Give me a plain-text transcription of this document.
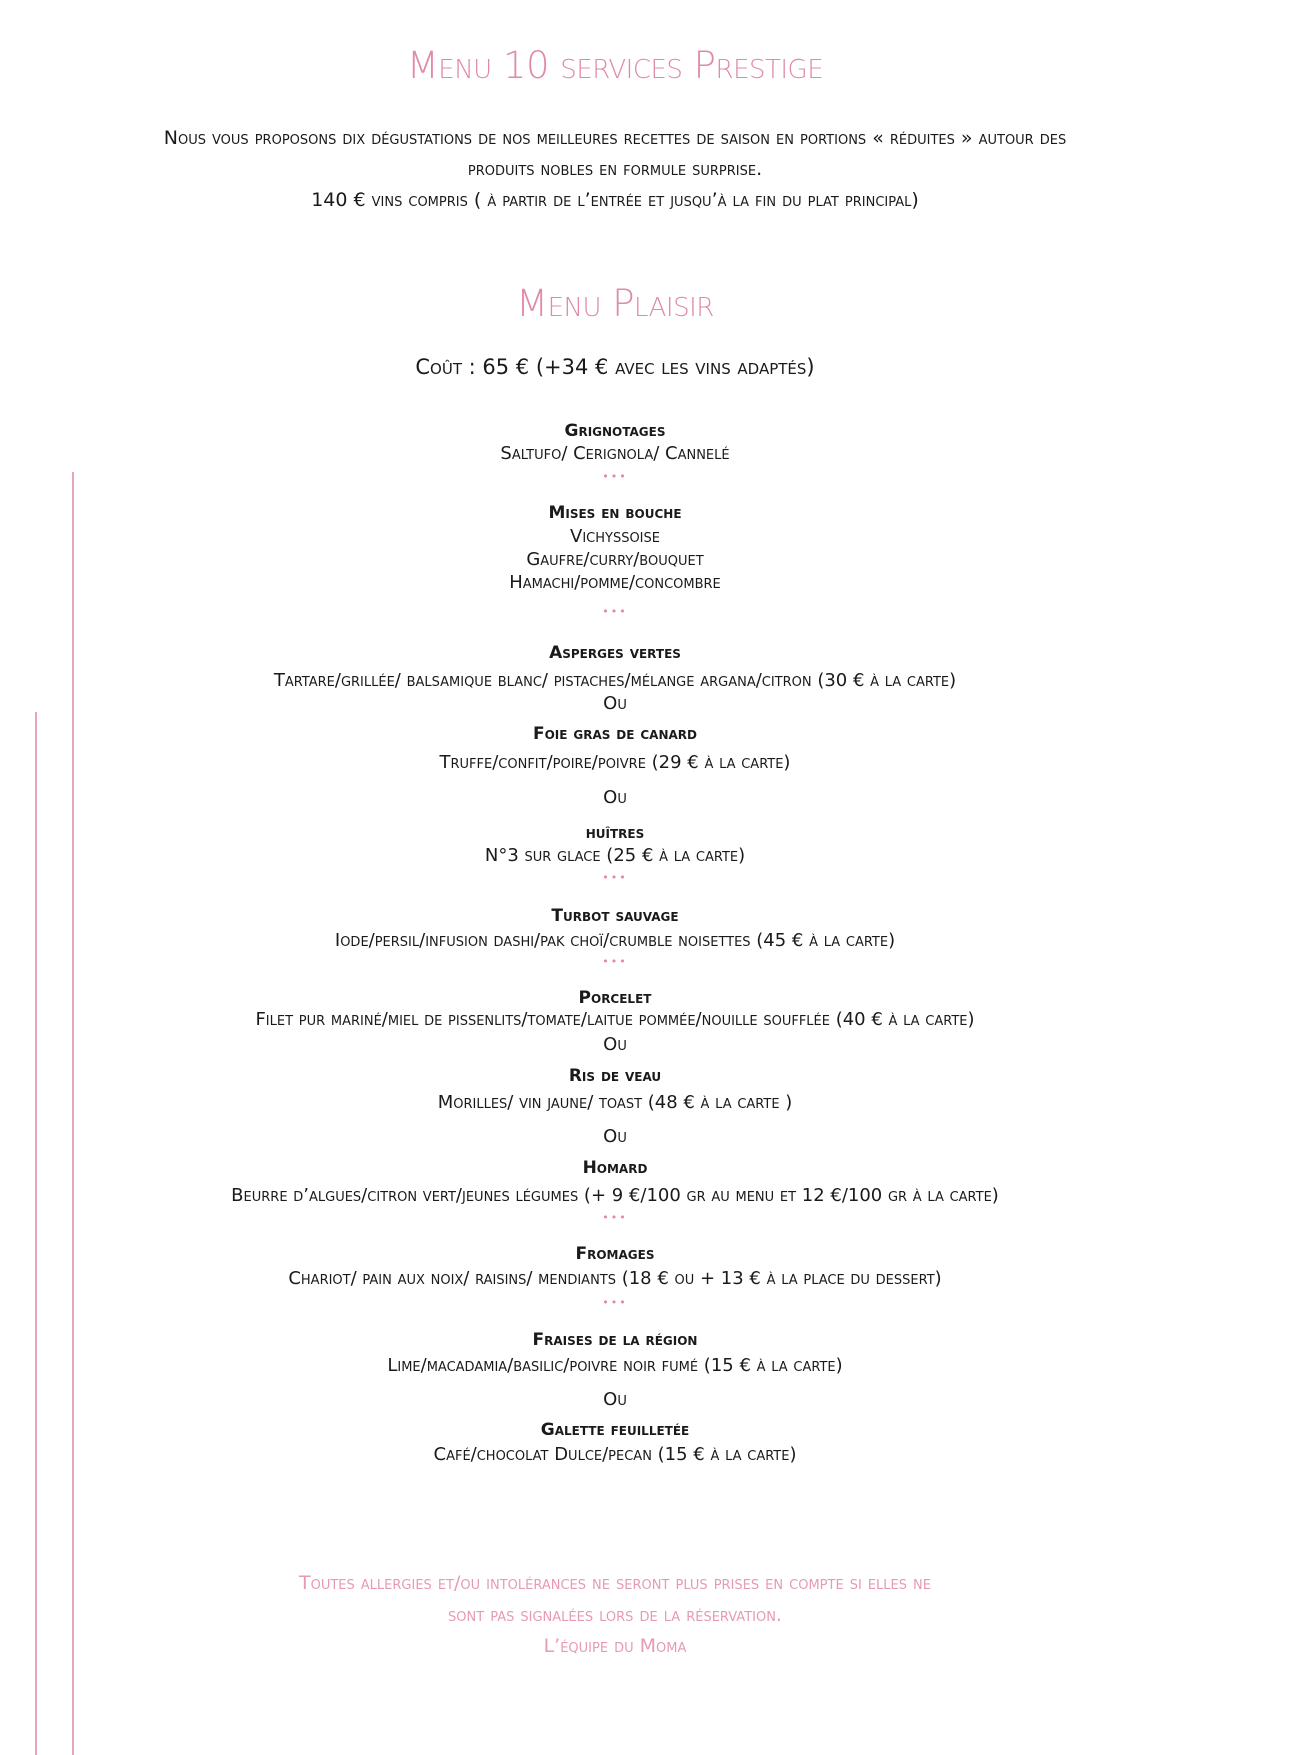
Menu 10 services Prestige
Nous vous proposons dix dégustations de nos meilleures recettes de saison en portions « réduites » autour des
produits nobles en formule surprise.
140 € vins compris ( à partir de l’entrée et jusqu’à la fin du plat principal)
Menu Plaisir
Coût : 65 € (+34 € avec les vins adaptés)
Grignotages
Saltufo/ Cerignola/ Cannelé
•••
Mises en bouche
Vichyssoise
Gaufre/curry/bouquet
Hamachi/pomme/concombre
•••
Asperges vertes
Tartare/grillée/ balsamique blanc/ pistaches/mélange argana/citron (30 € à la carte)
Ou
Foie gras de canard
Truffe/confit/poire/poivre (29 € à la carte)
Ou
huîtres
N°3 sur glace (25 € à la carte)
•••
Turbot sauvage
Iode/persil/infusion dashi/pak choï/crumble noisettes (45 € à la carte)
•••
Porcelet
Filet pur mariné/miel de pissenlits/tomate/laitue pommée/nouille soufflée (40 € à la carte)
Ou
Ris de veau
Morilles/ vin jaune/ toast (48 € à la carte )
Ou
Homard
Beurre d’algues/citron vert/jeunes légumes (+ 9 €/100 gr au menu et 12 €/100 gr à la carte)
•••
Fromages
Chariot/ pain aux noix/ raisins/ mendiants (18 € ou + 13 € à la place du dessert)
•••
Fraises de la région
Lime/macadamia/basilic/poivre noir fumé (15 € à la carte)
Ou
Galette feuilletée
Café/chocolat Dulce/pecan (15 € à la carte)
Toutes allergies et/ou intolérances ne seront plus prises en compte si elles ne
sont pas signalées lors de la réservation.
L’équipe du Moma
